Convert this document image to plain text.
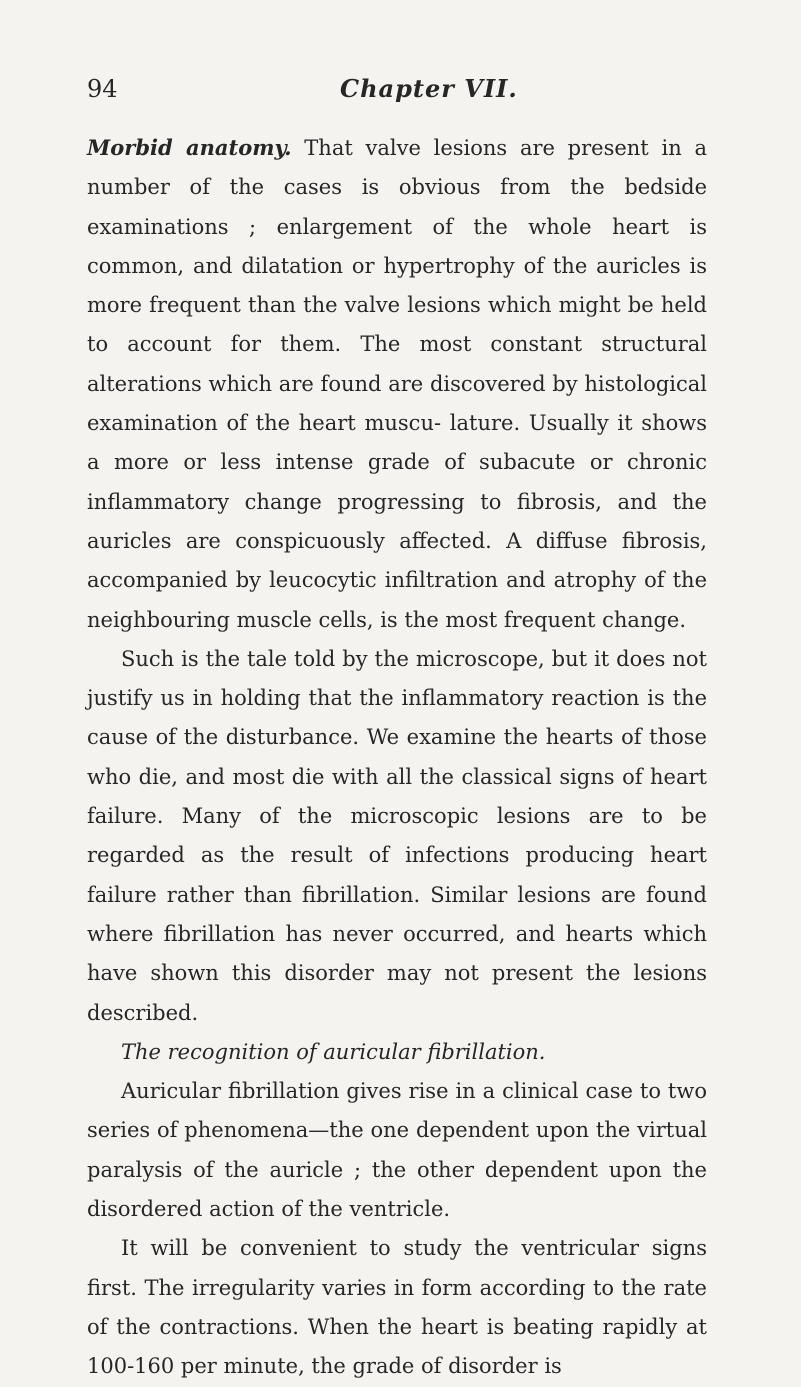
94	Chapter VII.

Morbid anatomy. That valve lesions are present in a number of the cases is obvious from the bedside examinations ; enlargement of the whole heart is common, and dilatation or hypertrophy of the auricles is more frequent than the valve lesions which might be held to account for them. The most constant structural alterations which are found are discovered by histological examination of the heart muscu- lature. Usually it shows a more or less intense grade of subacute or chronic inflammatory change progressing to fibrosis, and the auricles are conspicuously affected. A diffuse fibrosis, accompanied by leucocytic infiltration and atrophy of the neighbouring muscle cells, is the most frequent change.

Such is the tale told by the microscope, but it does not justify us in holding that the inflammatory reaction is the cause of the disturbance. We examine the hearts of those who die, and most die with all the classical signs of heart failure. Many of the microscopic lesions are to be regarded as the result of infections producing heart failure rather than fibrillation. Similar lesions are found where fibrillation has never occurred, and hearts which have shown this disorder may not present the lesions described.

The recognition of auricular fibrillation.

Auricular fibrillation gives rise in a clinical case to two series of phenomena—the one dependent upon the virtual paralysis of the auricle ; the other dependent upon the disordered action of the ventricle.

It will be convenient to study the ventricular signs first. The irregularity varies in form according to the rate of the contractions. When the heart is beating rapidly at 100-160 per minute, the grade of disorder is
